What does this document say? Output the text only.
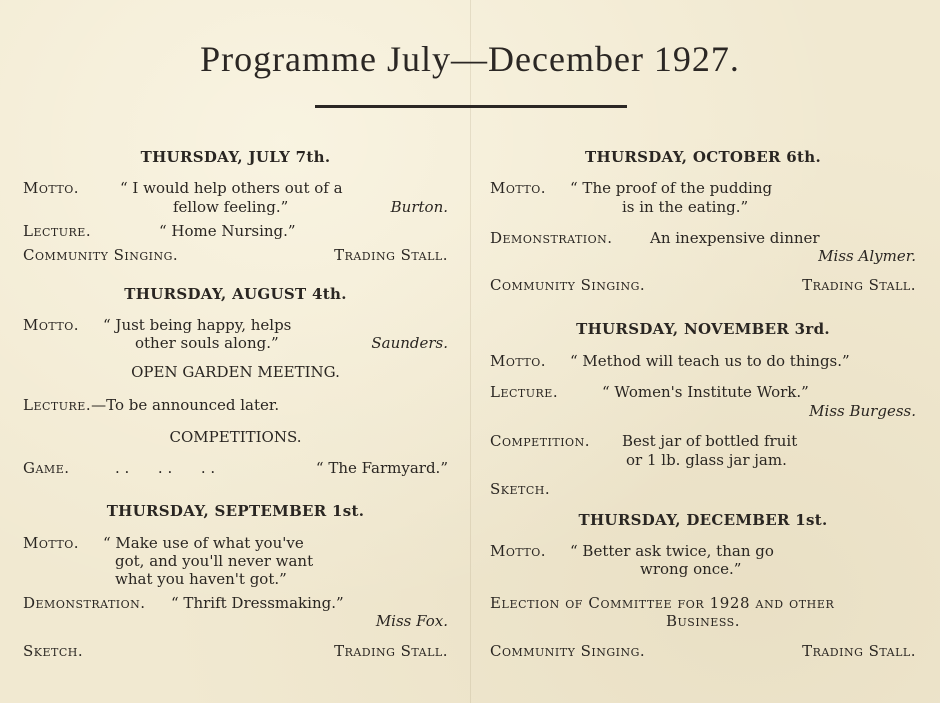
Programme July—December 1927.
THURSDAY, JULY 7th.
Motto.	“ I would help others out of a
fellow feeling.”	Burton.
Lecture.	“ Home Nursing.”
Community Singing.	Trading Stall.
THURSDAY, AUGUST 4th.
Motto. “ Just being happy, helps
other souls along.”	Saunders.
OPEN GARDEN MEETING.
Lecture.—To be announced later.
COMPETITIONS.
Game.	. .      . .      . .	“ The Farmyard.”
THURSDAY, SEPTEMBER 1st.
Motto. “ Make use of what you've
got, and you'll never want
what you haven't got.”
Demonstration. “ Thrift Dressmaking.”
Miss Fox.
Sketch.	Trading Stall.
THURSDAY, OCTOBER 6th.
Motto. “ The proof of the pudding
is in the eating.”
Demonstration. An inexpensive dinner
Miss Alymer.
Community Singing.	Trading Stall.
THURSDAY, NOVEMBER 3rd.
Motto. “ Method will teach us to do things.”
Lecture.	“ Women's Institute Work.”
Miss Burgess.
Competition. Best jar of bottled fruit
or 1 lb. glass jar jam.
Sketch.
THURSDAY, DECEMBER 1st.
Motto. “ Better ask twice, than go
wrong once.”
Election of Committee for 1928 and other
Business.
Community Singing.	Trading Stall.
